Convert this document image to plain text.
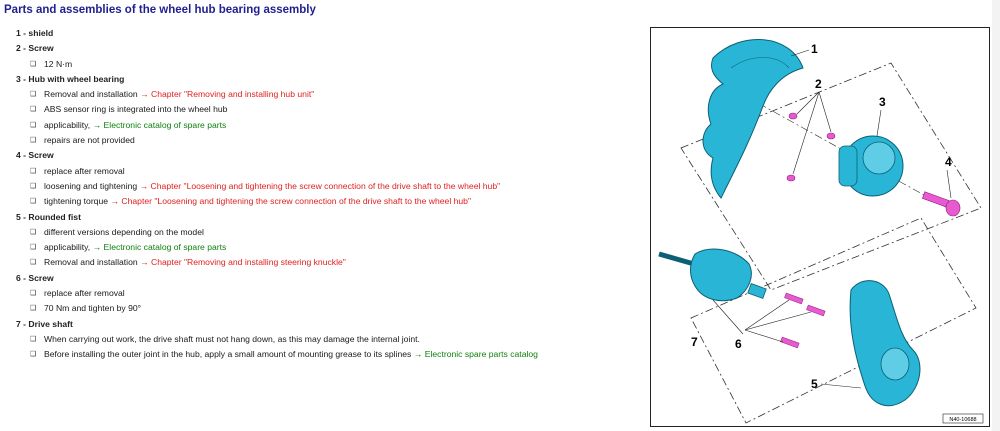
Parts and assemblies of the wheel hub bearing assembly
1 - shield
2 - Screw
❑ 12 N·m
3 - Hub with wheel bearing
❑ Removal and installation → Chapter "Removing and installing hub unit"
❑ ABS sensor ring is integrated into the wheel hub
❑ applicability, → Electronic catalog of spare parts
❑ repairs are not provided
4 - Screw
❑ replace after removal
❑ loosening and tightening → Chapter "Loosening and tightening the screw connection of the drive shaft to the wheel hub"
❑ tightening torque → Chapter "Loosening and tightening the screw connection of the drive shaft to the wheel hub"
5 - Rounded fist
❑ different versions depending on the model
❑ applicability, → Electronic catalog of spare parts
❑ Removal and installation → Chapter "Removing and installing steering knuckle"
6 - Screw
❑ replace after removal
❑ 70 Nm and tighten by 90°
7 - Drive shaft
❑ When carrying out work, the drive shaft must not hang down, as this may damage the internal joint.
❑ Before installing the outer joint in the hub, apply a small amount of mounting grease to its splines → Electronic spare parts catalog
1
2
3
4
5
6
7
N40-10688
